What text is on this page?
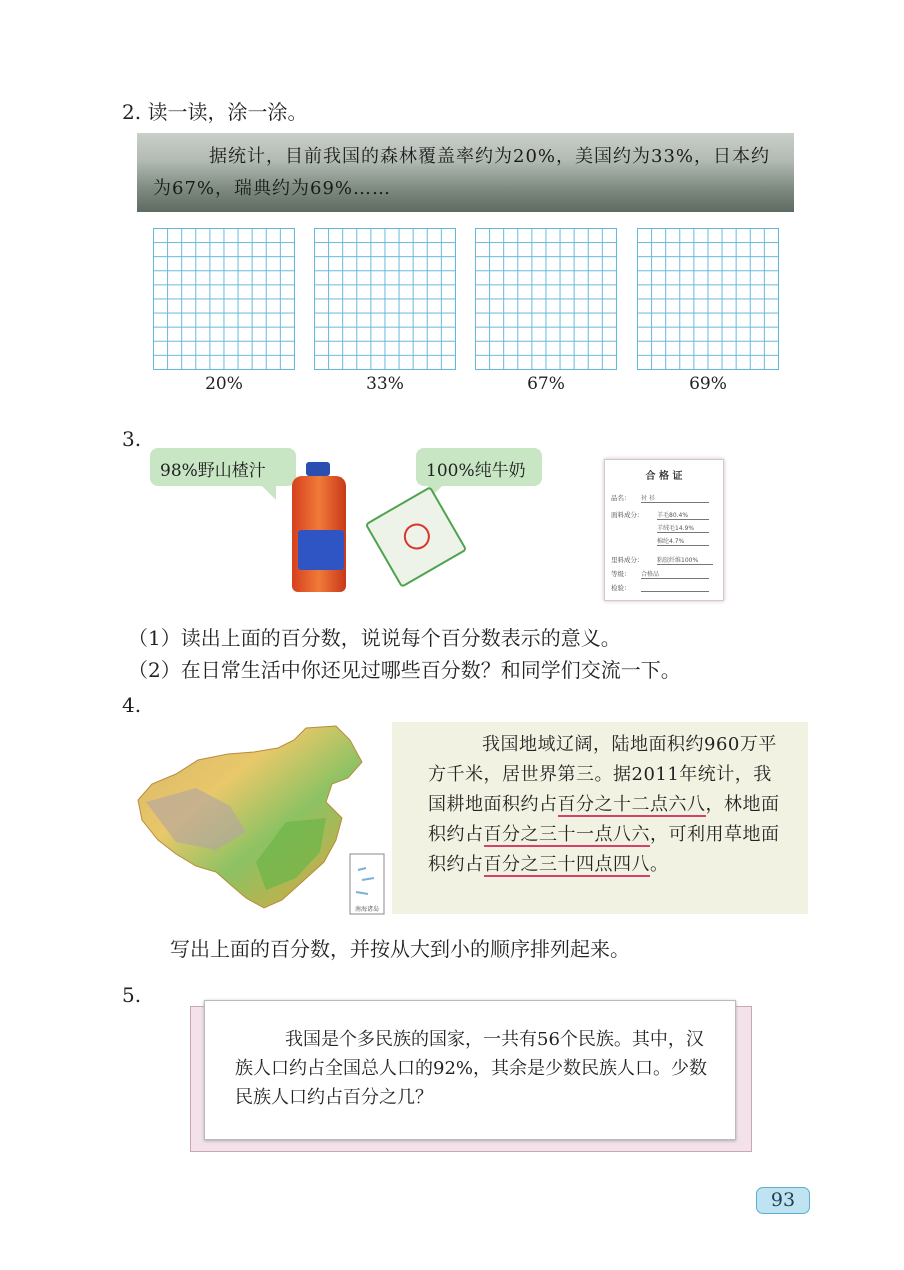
2. 读一读，涂一涂。
据统计，目前我国的森林覆盖率约为20%，美国约为33%，日本约为67%，瑞典约为69%……
20%	33%	67%	69%
3.
98%野山楂汁	100%纯牛奶	合 格 证
品名： 衬 衫
面料成分： 羊毛80.4%
羊绒毛14.9%
棉纶4.7%
里料成分： 粘胶纤维100%
等级： 合格品
检验：
（1）读出上面的百分数，说说每个百分数表示的意义。
（2）在日常生活中你还见过哪些百分数？和同学们交流一下。
4.
南海诸岛
我国地域辽阔，陆地面积约960万平方千米，居世界第三。据2011年统计，我国耕地面积约占百分之十二点六八，林地面积约占百分之三十一点八六，可利用草地面积约占百分之三十四点四八。
写出上面的百分数，并按从大到小的顺序排列起来。
5.
我国是个多民族的国家，一共有56个民族。其中，汉族人口约占全国总人口的92%，其余是少数民族人口。少数民族人口约占百分之几？
93
